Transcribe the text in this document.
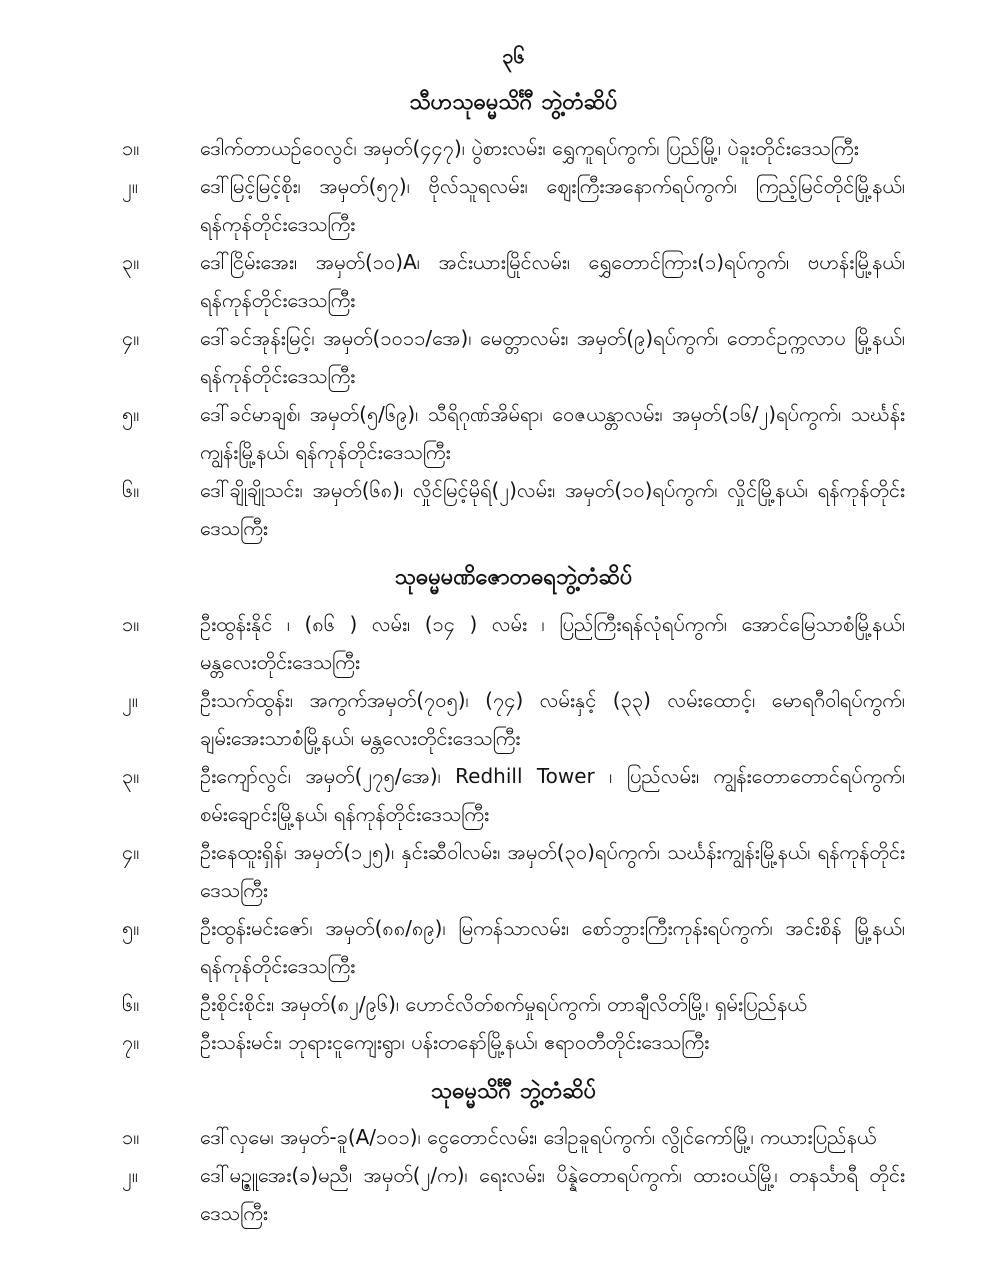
၃၆
သီဟသုဓမ္မသိင်္ဂီ ဘွဲ့တံဆိပ်
၁။	ဒေါက်တာယဉ်ဝေလွင်၊ အမှတ်(၄၄၇)၊ ပွဲစားလမ်း၊ ရွှေကူရပ်ကွက်၊ ပြည်မြို့၊ ပဲခူးတိုင်းဒေသကြီး
၂။	ဒေါ်မြင့်မြင့်စိုး၊ အမှတ်(၅၇)၊ ဗိုလ်သူရလမ်း၊ ဈေးကြီးအနောက်ရပ်ကွက်၊ ကြည့်မြင်တိုင်မြို့နယ်၊ ရန်ကုန်တိုင်းဒေသကြီး
၃။	ဒေါ်ငြိမ်းအေး၊ အမှတ်(၁၀)A၊ အင်းယားမြိုင်လမ်း၊ ရွှေတောင်ကြား(၁)ရပ်ကွက်၊ ဗဟန်းမြို့နယ်၊ ရန်ကုန်တိုင်းဒေသကြီး
၄။	ဒေါ်ခင်အုန်းမြင့်၊ အမှတ်(၁၀၁၁/အေ)၊ မေတ္တာလမ်း၊ အမှတ်(၉)ရပ်ကွက်၊ တောင်ဥက္ကလာပ မြို့နယ်၊ ရန်ကုန်တိုင်းဒေသကြီး
၅။	ဒေါ်ခင်မာချစ်၊ အမှတ်(၅/၆၉)၊ သီရိဂုဏ်အိမ်ရာ၊ ဝေဇယန္တာလမ်း၊ အမှတ်(၁၆/၂)ရပ်ကွက်၊ သင်္ဃန်းကျွန်းမြို့နယ်၊ ရန်ကုန်တိုင်းဒေသကြီး
၆။	ဒေါ်ချိုချိုသင်း၊ အမှတ်(၆၈)၊ လှိုင်မြင့်မိုရ်(၂)လမ်း၊ အမှတ်(၁၀)ရပ်ကွက်၊ လှိုင်မြို့နယ်၊ ရန်ကုန်တိုင်းဒေသကြီး
သုဓမ္မမဏိဇောတဓရဘွဲ့တံဆိပ်
၁။	ဦးထွန်းနိုင် ၊ (၈၆ ) လမ်း၊ (၁၄ ) လမ်း ၊ ပြည်ကြီးရန်လုံရပ်ကွက်၊ အောင်မြေသာစံမြို့နယ်၊ မန္တလေးတိုင်းဒေသကြီး
၂။	ဦးသက်ထွန်း၊ အကွက်အမှတ်(၇၀၅)၊ (၇၄) လမ်းနှင့် (၃၃) လမ်းထောင့်၊ မောရဂီဝါရပ်ကွက်၊ ချမ်းအေးသာစံမြို့နယ်၊ မန္တလေးတိုင်းဒေသကြီး
၃။	ဦးကျော်လွင်၊ အမှတ်(၂၇၅/အေ)၊ Redhill Tower ၊ ပြည်လမ်း၊ ကျွန်းတောတောင်ရပ်ကွက်၊ စမ်းချောင်းမြို့နယ်၊ ရန်ကုန်တိုင်းဒေသကြီး
၄။	ဦးနေထူးရှိန်၊ အမှတ်(၁၂၅)၊ နှင်းဆီဝါလမ်း၊ အမှတ်(၃၀)ရပ်ကွက်၊ သင်္ဃန်းကျွန်းမြို့နယ်၊ ရန်ကုန်တိုင်းဒေသကြီး
၅။	ဦးထွန်းမင်းဇော်၊ အမှတ်(၈၈/၈၉)၊ မြကန်သာလမ်း၊ စော်ဘွားကြီးကုန်းရပ်ကွက်၊ အင်းစိန် မြို့နယ်၊ ရန်ကုန်တိုင်းဒေသကြီး
၆။	ဦးစိုင်းစိုင်း၊ အမှတ်(၈၂/၉၆)၊ ဟောင်လိတ်စက်မှုရပ်ကွက်၊ တာချီလိတ်မြို့၊ ရှမ်းပြည်နယ်
၇။	ဦးသန်းမင်း၊ ဘုရားငူကျေးရွာ၊ ပန်းတနော်မြို့နယ်၊ ဧရာဝတီတိုင်းဒေသကြီး
သုဓမ္မသိင်္ဂီ ဘွဲ့တံဆိပ်
၁။	ဒေါ်လှမေ၊ အမှတ်-ခူ(A/၁၀၁)၊ ငွေတောင်လမ်း၊ ဒေါဥခူရပ်ကွက်၊ လွိုင်ကော်မြို့၊ ကယားပြည်နယ်
၂။	ဒေါ်မဉ္ဇူအေး(ခ)မညီ၊ အမှတ်(၂/က)၊ ရေးလမ်း၊ ပိန္နဲတောရပ်ကွက်၊ ထားဝယ်မြို့၊ တနင်္သာရီ တိုင်းဒေသကြီး
